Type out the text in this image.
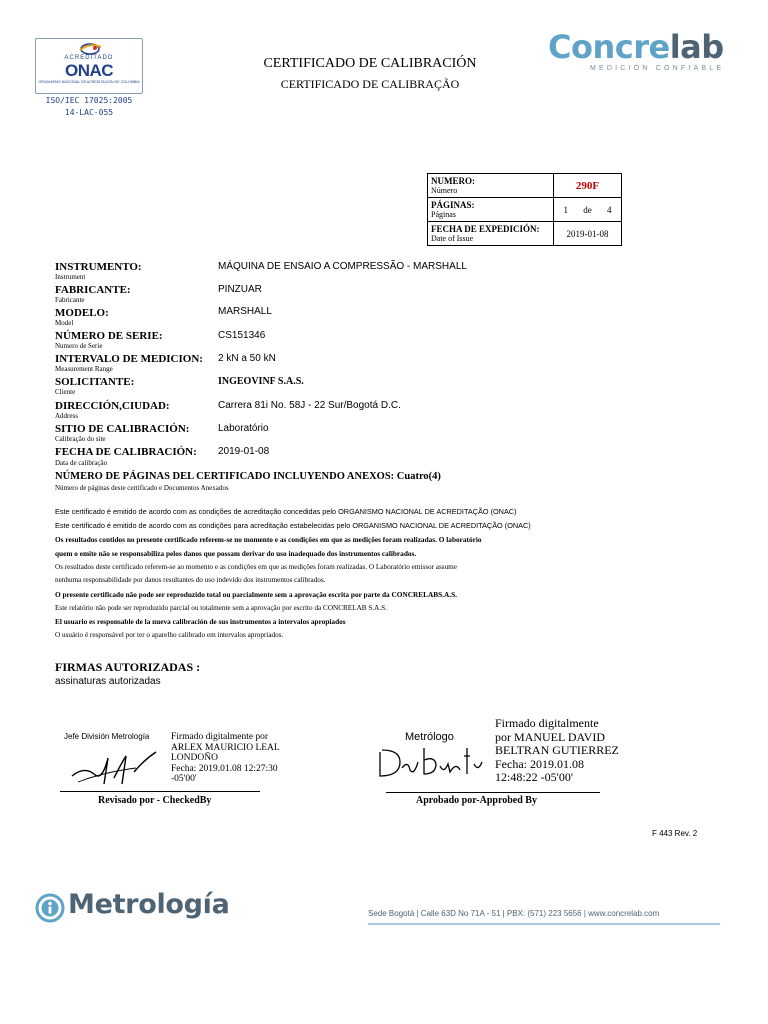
ACREDITADO
ONAC
ORGANISMO NACIONAL DE ACREDITACIÓN DE COLOMBIA
ISO/IEC 17025:2005
14-LAC-055
CERTIFICADO DE CALIBRACIÓN
CERTIFICADO DE CALIBRAÇÃO
Concrelab
MEDICIÓN CONFIABLE
NUMERO:
Número	290F

PÁGINAS:
Páginas	1 de 4

FECHA DE EXPEDICIÓN:
Date of Issue	2019-01-08
INSTRUMENTO:
Instrument
MÁQUINA DE ENSAIO A COMPRESSÃO - MARSHALL
FABRICANTE:
Fabricante
PINZUAR
MODELO:
Model
MARSHALL
NÚMERO DE SERIE:
Numero de Serie
CS151346
INTERVALO DE MEDICION:
Measurement Range
2 kN a 50 kN
SOLICITANTE:
Cliente
INGEOVINF S.A.S.
DIRECCIÓN,CIUDAD:
Address
Carrera 81i No. 58J - 22 Sur/Bogotá D.C.
SITIO DE CALIBRACIÓN:
Calibração do site
Laboratório
FECHA DE CALIBRACIÓN:
Data de calibração
2019-01-08
NÚMERO DE PÁGINAS DEL CERTIFICADO INCLUYENDO ANEXOS: Cuatro(4)
Número de páginas deste certificado e Documentos Anexados
Este certificado é emitido de acordo com as condições de acreditação concedidas pelo ORGANISMO NACIONAL DE ACREDITAÇÃO (ONAC)
Este certificado é emitido de acordo com as condições para acreditação estabelecidas pelo ORGANISMO NACIONAL DE ACREDITAÇÃO (ONAC)
Os resultados contidos no presente certificado referem-se no momento e as condições em que as medições foram realizadas. O laboratório
quem o emite não se responsabiliza pelos danos que possam derivar do uso inadequado dos instrumentos calibrados.
Os resultados deste certificado referem-se ao momento e as condições em que as medições foram realizadas. O Laboratório emissor assume
nenhuma responsabilidade por danos resultantes do uso indevido dos instrumentos calibrados.
O presente certificado não pode ser reproduzido total ou parcialmente sem a aprovação escrita por parte da CONCRELABS.A.S.
Este relatório não pode ser reproduzido parcial ou totalmente sem a aprovação por escrito da CONCRELAB S.A.S.
El usuario es responsable de la nueva calibración de sus instrumentos a intervalos apropiados
O usuário é responsável por ter o aparelho calibrado em intervalos apropriados.
FIRMAS AUTORIZADAS :
assinaturas autorizadas
Jefe División Metrología Firmado digitalmente por
ARLEX MAURICIO LEAL
LONDOÑO
Fecha: 2019.01.08 12:27:30
-05'00'
Revisado por - CheckedBy
Metrólogo
Firmado digitalmente
por MANUEL DAVID
BELTRAN GUTIERREZ
Fecha: 2019.01.08
12:48:22 -05'00'
Aprobado por-Approbed By
F 443 Rev. 2
Metrología	Sede Bogotá | Calle 63D No 71A - 51 | PBX: (571) 223 5656 | www.concrelab.com
